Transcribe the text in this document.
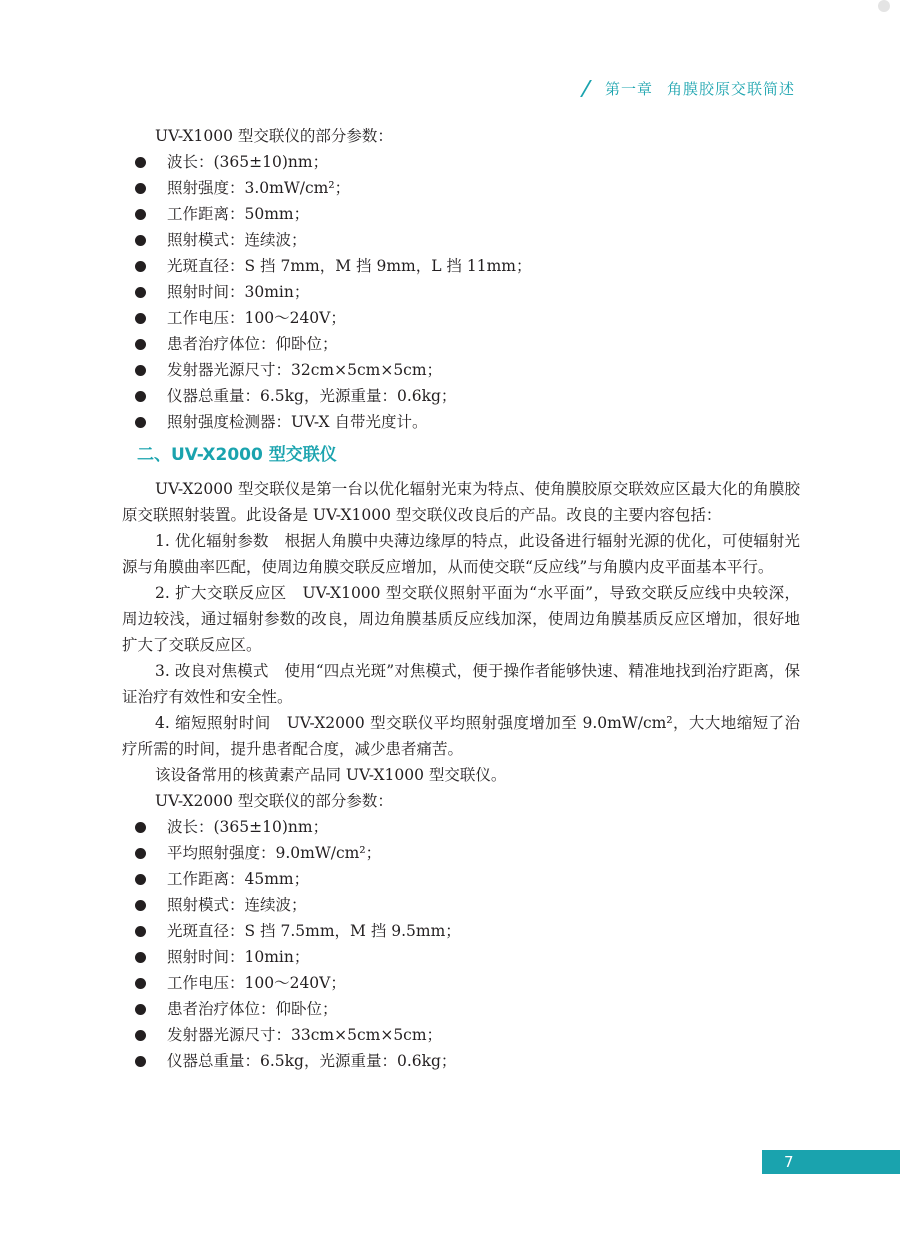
第一章 角膜胶原交联简述
UV-X1000 型交联仪的部分参数：
波长：(365±10)nm；
照射强度：3.0mW/cm²；
工作距离：50mm；
照射模式：连续波；
光斑直径：S 挡 7mm，M 挡 9mm，L 挡 11mm；
照射时间：30min；
工作电压：100～240V；
患者治疗体位：仰卧位；
发射器光源尺寸：32cm×5cm×5cm；
仪器总重量：6.5kg，光源重量：0.6kg；
照射强度检测器：UV-X 自带光度计。
二、UV-X2000 型交联仪
UV-X2000 型交联仪是第一台以优化辐射光束为特点、使角膜胶原交联效应区最大化的角膜胶原交联照射装置。此设备是 UV-X1000 型交联仪改良后的产品。改良的主要内容包括：
1. 优化辐射参数 根据人角膜中央薄边缘厚的特点，此设备进行辐射光源的优化，可使辐射光源与角膜曲率匹配，使周边角膜交联反应增加，从而使交联“反应线”与角膜内皮平面基本平行。
2. 扩大交联反应区 UV-X1000 型交联仪照射平面为“水平面”，导致交联反应线中央较深，周边较浅，通过辐射参数的改良，周边角膜基质反应线加深，使周边角膜基质反应区增加，很好地扩大了交联反应区。
3. 改良对焦模式 使用“四点光斑”对焦模式，便于操作者能够快速、精准地找到治疗距离，保证治疗有效性和安全性。
4. 缩短照射时间 UV-X2000 型交联仪平均照射强度增加至 9.0mW/cm²，大大地缩短了治疗所需的时间，提升患者配合度，减少患者痛苦。
该设备常用的核黄素产品同 UV-X1000 型交联仪。
UV-X2000 型交联仪的部分参数：
波长：(365±10)nm；
平均照射强度：9.0mW/cm²；
工作距离：45mm；
照射模式：连续波；
光斑直径：S 挡 7.5mm，M 挡 9.5mm；
照射时间：10min；
工作电压：100～240V；
患者治疗体位：仰卧位；
发射器光源尺寸：33cm×5cm×5cm；
仪器总重量：6.5kg，光源重量：0.6kg；
7
